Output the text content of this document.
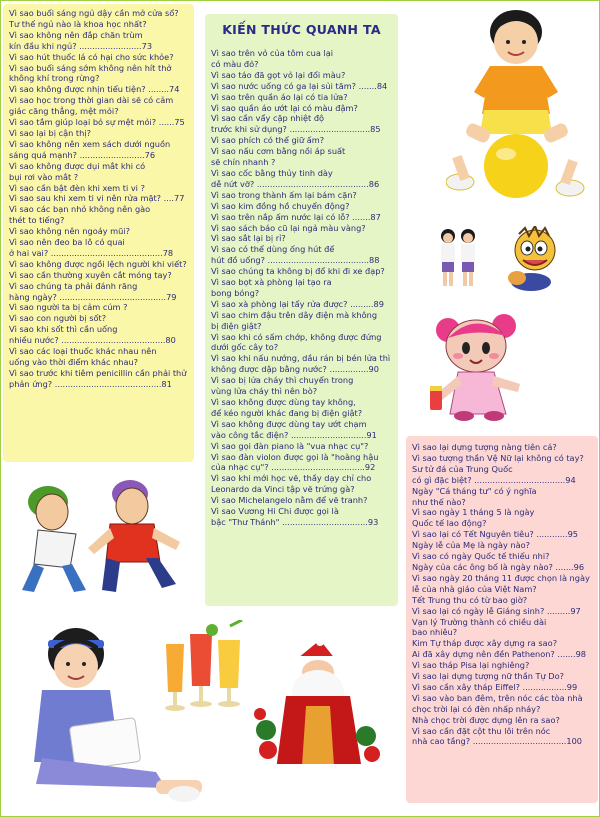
Vì sao buổi sáng ngủ dậy cần mở cửa sổ?

Tư thế ngủ nào là khoa học nhất?

Vì sao không nên đắp chăn trùm
kín đầu khi ngủ? ........................73

Vì sao hút thuốc lá có hại cho sức khỏe?

Vì sao buổi sáng sớm không nên hít thở
không khí trong rừng?

Vì sao không được nhịn tiểu tiện? ........74

Vì sao học trong thời gian dài sẽ có cảm
giác căng thẳng, mệt mỏi?

Vì sao tắm giúp loại bỏ sự mệt mỏi? ......75

Vì sao lại bị cận thị?

Vì sao không nên xem sách dưới nguồn
sáng quá mạnh? .........................76

Vì sao không được dụi mắt khi có
bụi rơi vào mắt ?

Vì sao cần bật đèn khi xem ti vi ?

Vì sao sau khi xem ti vi nên rửa mặt? ....77

Vì sao các bạn nhỏ không nên gào
thét to tiếng?

Vì sao không nên ngoáy mũi?

Vì sao nên đeo ba lô có quai
ở hai vai? ...........................................78

Vì sao không được ngồi lệch người khi viết?

Vì sao cần thường xuyên cắt móng tay?

Vì sao chúng ta phải đánh răng
hàng ngày? .........................................79

Vì sao người ta bị cảm cúm ?

Vì sao con người bị sốt?

Vì sao khi sốt thì cần uống
nhiều nước? ........................................80

Vì sao các loại thuốc khác nhau nên
uống vào thời điểm khác nhau?

Vì sao trước khi tiêm penicillin cần phải thử
phản ứng? .........................................81

KIẾN THỨC QUANH TA

Vì sao trên vỏ của tôm cua lại
có màu đỏ?

Vì sao táo đã gọt vỏ lại đổi màu?

Vì sao nước uống có ga lại sủi tăm? .......84

Vì sao trên quần áo lại có tia lửa?

Vì sao quần áo ướt lại có màu đậm?

Vì sao cần vẩy cặp nhiệt độ
trước khi sử dụng? ...............................85

Vì sao phích có thể giữ ấm?

Vì sao nấu cơm bằng nồi áp suất
sẽ chín nhanh ?

Vì sao cốc bằng thủy tinh dày
dễ nứt vỡ? ...........................................86

Vì sao trong thành ấm lại bám cặn?

Vì sao kim đồng hồ chuyển động?

Vì sao trên nắp ấm nước lại có lỗ? .......87

Vì sao sách báo cũ lại ngả màu vàng?

Vì sao sắt lại bị rỉ?

Vì sao có thể dùng ống hút để
hút đồ uống? .......................................88

Vì sao chúng ta không bị đổ khi đi xe đạp?

Vì sao bọt xà phòng lại tạo ra
bong bóng?

Vì sao xà phòng lại tẩy rửa được? .........89

Vì sao chim đậu trên dây điện mà không
bị điện giật?

Vì sao khi có sấm chớp, không được đứng
dưới gốc cây to?

Vì sao khi nấu nướng, dầu rán bị bén lửa thì
không được dập bằng nước? ...............90

Vì sao bị lửa cháy thì chuyển trong
vùng lửa cháy thì nên bò?

Vì sao không được dùng tay không,
để kéo người khác đang bị điện giật?

Vì sao không được dùng tay ướt chạm
vào công tắc điện? .............................91

Vì sao gọi đàn piano là "vua nhạc cụ"?

Vì sao đàn violon được gọi là "hoàng hậu
của nhạc cụ"? ....................................92

Vì sao khi mới học vẽ, thầy dạy chỉ cho
Leonardo da Vinci tập vẽ trứng gà?

Vì sao Michelangelo nằm để vẽ tranh?

Vì sao Vương Hi Chi được gọi là
bậc "Thư Thánh" .................................93

Vì sao lại dựng tượng nàng tiên cá?

Vì sao tượng thần Vệ Nữ lại không có tay?

Sư tử đá của Trung Quốc
có gì đặc biệt? ...................................94

Ngày "Cá tháng tư" có ý nghĩa
như thế nào?

Vì sao ngày 1 tháng 5 là ngày
Quốc tế lao động?

Vì sao lại có Tết Nguyên tiêu? ............95

Ngày lễ của Mẹ là ngày nào?

Vì sao có ngày Quốc tế thiếu nhi?

Ngày của các ông bố là ngày nào? .......96

Vì sao ngày 20 tháng 11 được chọn là ngày
lễ của nhà giáo của Việt Nam?

Tết Trung thu có từ bao giờ?

Vì sao lại có ngày lễ Giáng sinh? .........97

Vạn lý Trường thành có chiều dài
bao nhiêu?

Kim Tự tháp được xây dựng ra sao?

Ai đã xây dựng nên đền Pathenon? .......98

Vì sao tháp Pisa lại nghiêng?

Vì sao lại dựng tượng nữ thần Tự Do?

Vì sao cần xây tháp Eiffel? .................99

Vì sao vào ban đêm, trên nóc các tòa nhà
chọc trời lại có đèn nhấp nháy?

Nhà chọc trời được dựng lên ra sao?

Vì sao cần đặt cột thu lôi trên nóc
nhà cao tầng? ....................................100
